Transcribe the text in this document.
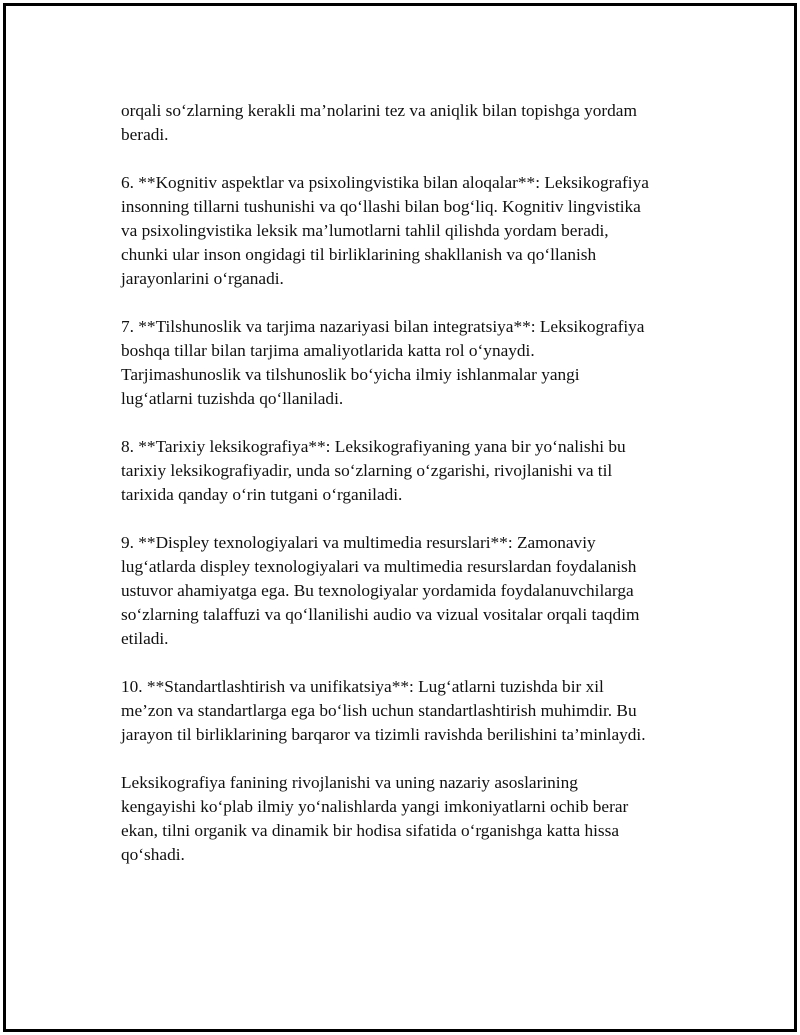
orqali so‘zlarning kerakli ma’nolarini tez va aniqlik bilan topishga yordam
beradi.

6. **Kognitiv aspektlar va psixolingvistika bilan aloqalar**: Leksikografiya
insonning tillarni tushunishi va qo‘llashi bilan bog‘liq. Kognitiv lingvistika
va psixolingvistika leksik ma’lumotlarni tahlil qilishda yordam beradi,
chunki ular inson ongidagi til birliklarining shakllanish va qo‘llanish
jarayonlarini o‘rganadi.

7. **Tilshunoslik va tarjima nazariyasi bilan integratsiya**: Leksikografiya
boshqa tillar bilan tarjima amaliyotlarida katta rol o‘ynaydi.
Tarjimashunoslik va tilshunoslik bo‘yicha ilmiy ishlanmalar yangi
lug‘atlarni tuzishda qo‘llaniladi.

8. **Tarixiy leksikografiya**: Leksikografiyaning yana bir yo‘nalishi bu
tarixiy leksikografiyadir, unda so‘zlarning o‘zgarishi, rivojlanishi va til
tarixida qanday o‘rin tutgani o‘rganiladi.

9. **Displey texnologiyalari va multimedia resurslari**: Zamonaviy
lug‘atlarda displey texnologiyalari va multimedia resurslardan foydalanish
ustuvor ahamiyatga ega. Bu texnologiyalar yordamida foydalanuvchilarga
so‘zlarning talaffuzi va qo‘llanilishi audio va vizual vositalar orqali taqdim
etiladi.

10. **Standartlashtirish va unifikatsiya**: Lug‘atlarni tuzishda bir xil
me’zon va standartlarga ega bo‘lish uchun standartlashtirish muhimdir. Bu
jarayon til birliklarining barqaror va tizimli ravishda berilishini ta’minlaydi.

Leksikografiya fanining rivojlanishi va uning nazariy asoslarining
kengayishi ko‘plab ilmiy yo‘nalishlarda yangi imkoniyatlarni ochib berar
ekan, tilni organik va dinamik bir hodisa sifatida o‘rganishga katta hissa
qo‘shadi.
